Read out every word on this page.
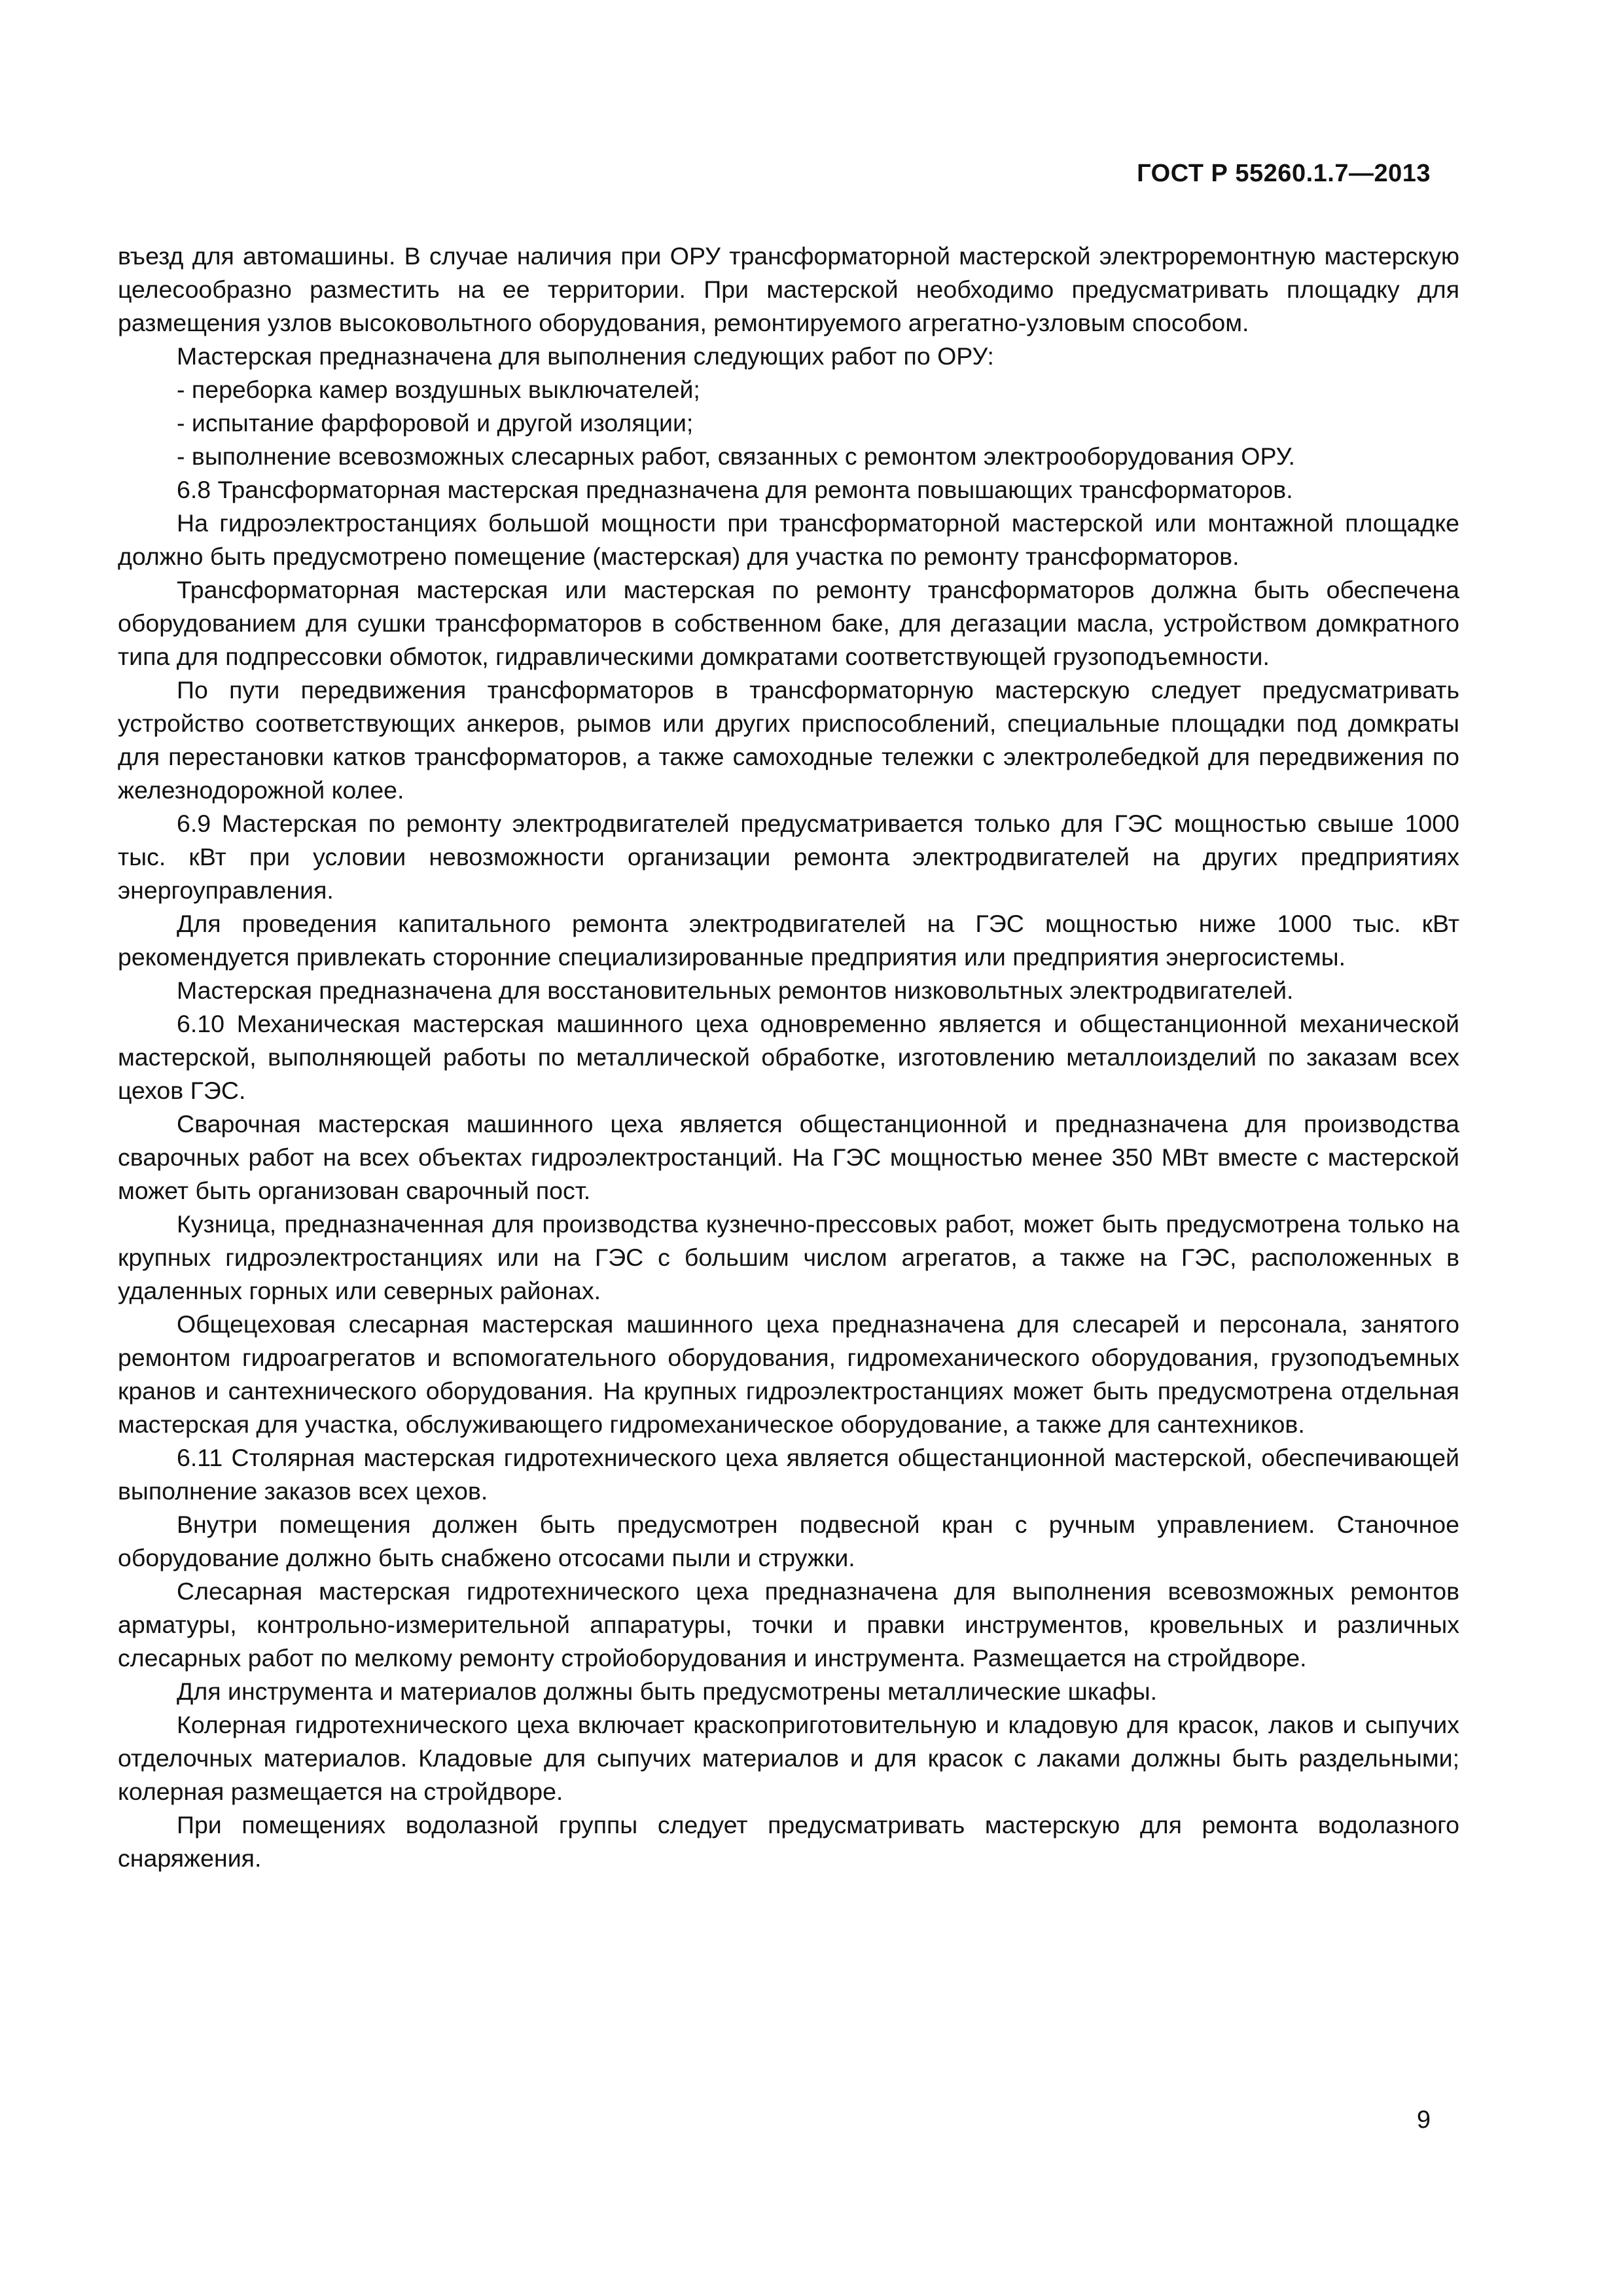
ГОСТ Р 55260.1.7—2013

въезд для автомашины. В случае наличия при ОРУ трансформаторной мастерской электроремонтную мастерскую целесообразно разместить на ее территории. При мастерской необходимо предусматривать площадку для размещения узлов высоковольтного оборудования, ремонтируемого агрегатно-узловым способом.

Мастерская предназначена для выполнения следующих работ по ОРУ:

- переборка камер воздушных выключателей;

- испытание фарфоровой и другой изоляции;

- выполнение всевозможных слесарных работ, связанных с ремонтом электрооборудования ОРУ.

6.8 Трансформаторная мастерская предназначена для ремонта повышающих трансформаторов.

На гидроэлектростанциях большой мощности при трансформаторной мастерской или монтажной площадке должно быть предусмотрено помещение (мастерская) для участка по ремонту трансформаторов.

Трансформаторная мастерская или мастерская по ремонту трансформаторов должна быть обеспечена оборудованием для сушки трансформаторов в собственном баке, для дегазации масла, устройством домкратного типа для подпрессовки обмоток, гидравлическими домкратами соответствующей грузоподъемности.

По пути передвижения трансформаторов в трансформаторную мастерскую следует предусматривать устройство соответствующих анкеров, рымов или других приспособлений, специальные площадки под домкраты для перестановки катков трансформаторов, а также самоходные тележки с электролебедкой для передвижения по железнодорожной колее.

6.9 Мастерская по ремонту электродвигателей предусматривается только для ГЭС мощностью свыше 1000 тыс. кВт при условии невозможности организации ремонта электродвигателей на других предприятиях энергоуправления.

Для проведения капитального ремонта электродвигателей на ГЭС мощностью ниже 1000 тыс. кВт рекомендуется привлекать сторонние специализированные предприятия или предприятия энергосистемы.

Мастерская предназначена для восстановительных ремонтов низковольтных электродвигателей.

6.10 Механическая мастерская машинного цеха одновременно является и общестанционной механической мастерской, выполняющей работы по металлической обработке, изготовлению металлоизделий по заказам всех цехов ГЭС.

Сварочная мастерская машинного цеха является общестанционной и предназначена для производства сварочных работ на всех объектах гидроэлектростанций. На ГЭС мощностью менее 350 МВт вместе с мастерской может быть организован сварочный пост.

Кузница, предназначенная для производства кузнечно-прессовых работ, может быть предусмотрена только на крупных гидроэлектростанциях или на ГЭС с большим числом агрегатов, а также на ГЭС, расположенных в удаленных горных или северных районах.

Общецеховая слесарная мастерская машинного цеха предназначена для слесарей и персонала, занятого ремонтом гидроагрегатов и вспомогательного оборудования, гидромеханического оборудования, грузоподъемных кранов и сантехнического оборудования. На крупных гидроэлектростанциях может быть предусмотрена отдельная мастерская для участка, обслуживающего гидромеханическое оборудование, а также для сантехников.

6.11 Столярная мастерская гидротехнического цеха является общестанционной мастерской, обеспечивающей выполнение заказов всех цехов.

Внутри помещения должен быть предусмотрен подвесной кран с ручным управлением. Станочное оборудование должно быть снабжено отсосами пыли и стружки.

Слесарная мастерская гидротехнического цеха предназначена для выполнения всевозможных ремонтов арматуры, контрольно-измерительной аппаратуры, точки и правки инструментов, кровельных и различных слесарных работ по мелкому ремонту стройоборудования и инструмента. Размещается на стройдворе.

Для инструмента и материалов должны быть предусмотрены металлические шкафы.

Колерная гидротехнического цеха включает краскоприготовительную и кладовую для красок, лаков и сыпучих отделочных материалов. Кладовые для сыпучих материалов и для красок с лаками должны быть раздельными; колерная размещается на стройдворе.

При помещениях водолазной группы следует предусматривать мастерскую для ремонта водолазного снаряжения.

9
